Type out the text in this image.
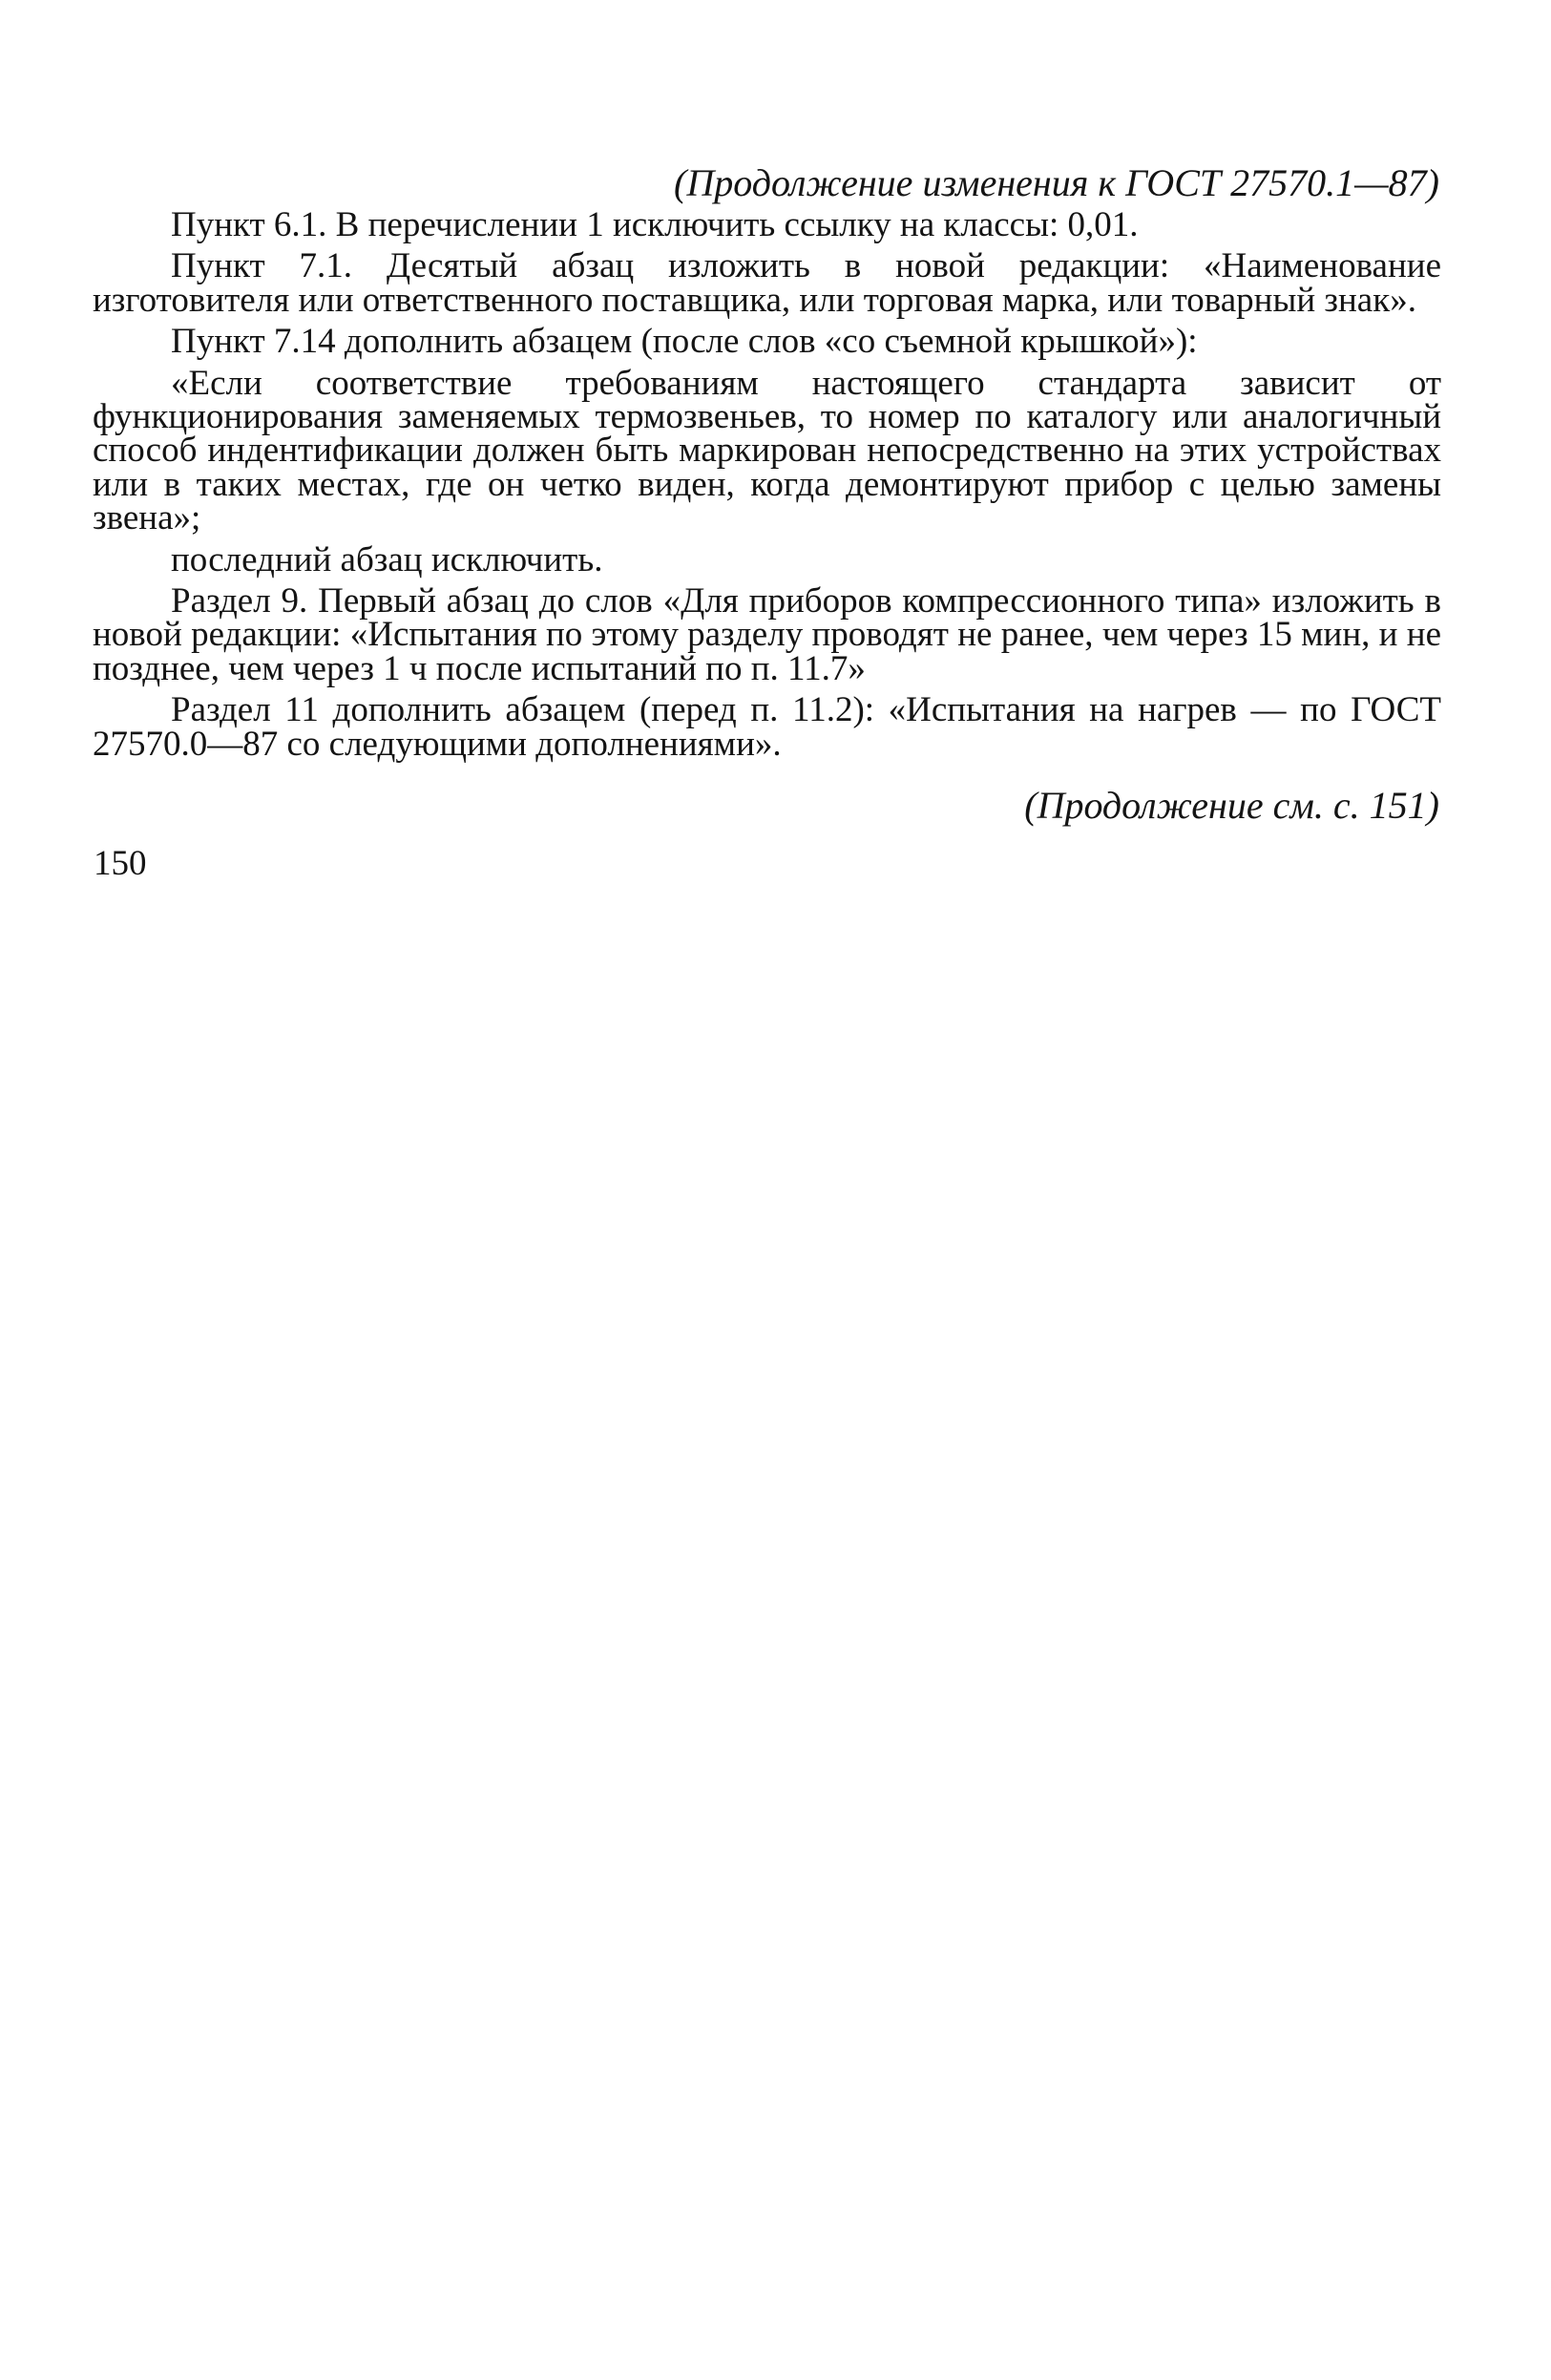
(Продолжение изменения к ГОСТ 27570.1—87)

Пункт 6.1. В перечислении 1 исключить ссылку на классы: 0,01.

Пункт 7.1. Десятый абзац изложить в новой редакции: «Наименование изготовителя или ответственного поставщика, или торговая марка, или товарный знак».

Пункт 7.14 дополнить абзацем (после слов «со съемной крышкой»):

«Если соответствие требованиям настоящего стандарта зависит от функционирования заменяемых термозвеньев, то номер по каталогу или аналогичный способ индентификации должен быть маркирован непосредственно на этих устройствах или в таких местах, где он четко виден, когда демонтируют прибор с целью замены звена»;

последний абзац исключить.

Раздел 9. Первый абзац до слов «Для приборов компрессионного типа» изложить в новой редакции: «Испытания по этому разделу проводят не ранее, чем через 15 мин, и не позднее, чем через 1 ч после испытаний по п. 11.7»

Раздел 11 дополнить абзацем (перед п. 11.2): «Испытания на нагрев — по ГОСТ 27570.0—87 со следующими дополнениями».

(Продолжение см. с. 151)
150
